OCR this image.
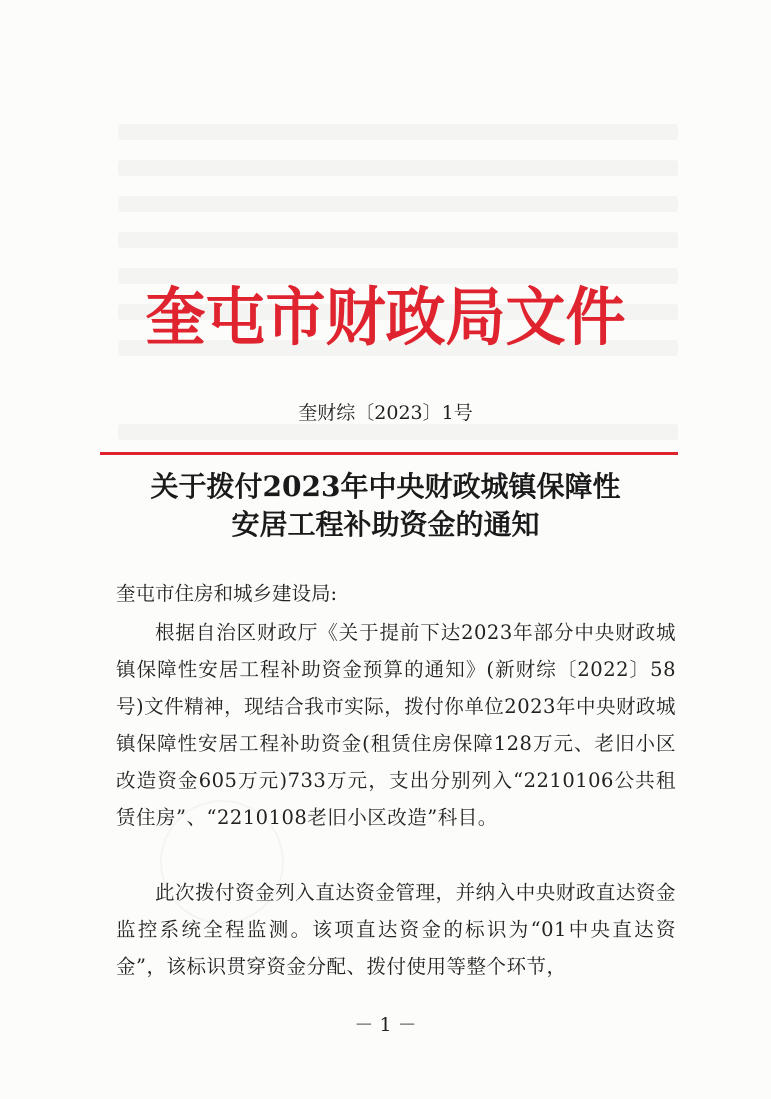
奎屯市财政局文件
奎财综〔2023〕1号
关于拨付2023年中央财政城镇保障性
安居工程补助资金的通知
奎屯市住房和城乡建设局:
根据自治区财政厅《关于提前下达2023年部分中央财政城镇保障性安居工程补助资金预算的通知》(新财综〔2022〕58号)文件精神，现结合我市实际，拨付你单位2023年中央财政城镇保障性安居工程补助资金(租赁住房保障128万元、老旧小区改造资金605万元)733万元，支出分别列入“2210106公共租赁住房”、“2210108老旧小区改造”科目。
此次拨付资金列入直达资金管理，并纳入中央财政直达资金监控系统全程监测。该项直达资金的标识为“01中央直达资金”，该标识贯穿资金分配、拨付使用等整个环节，
－ 1 －
